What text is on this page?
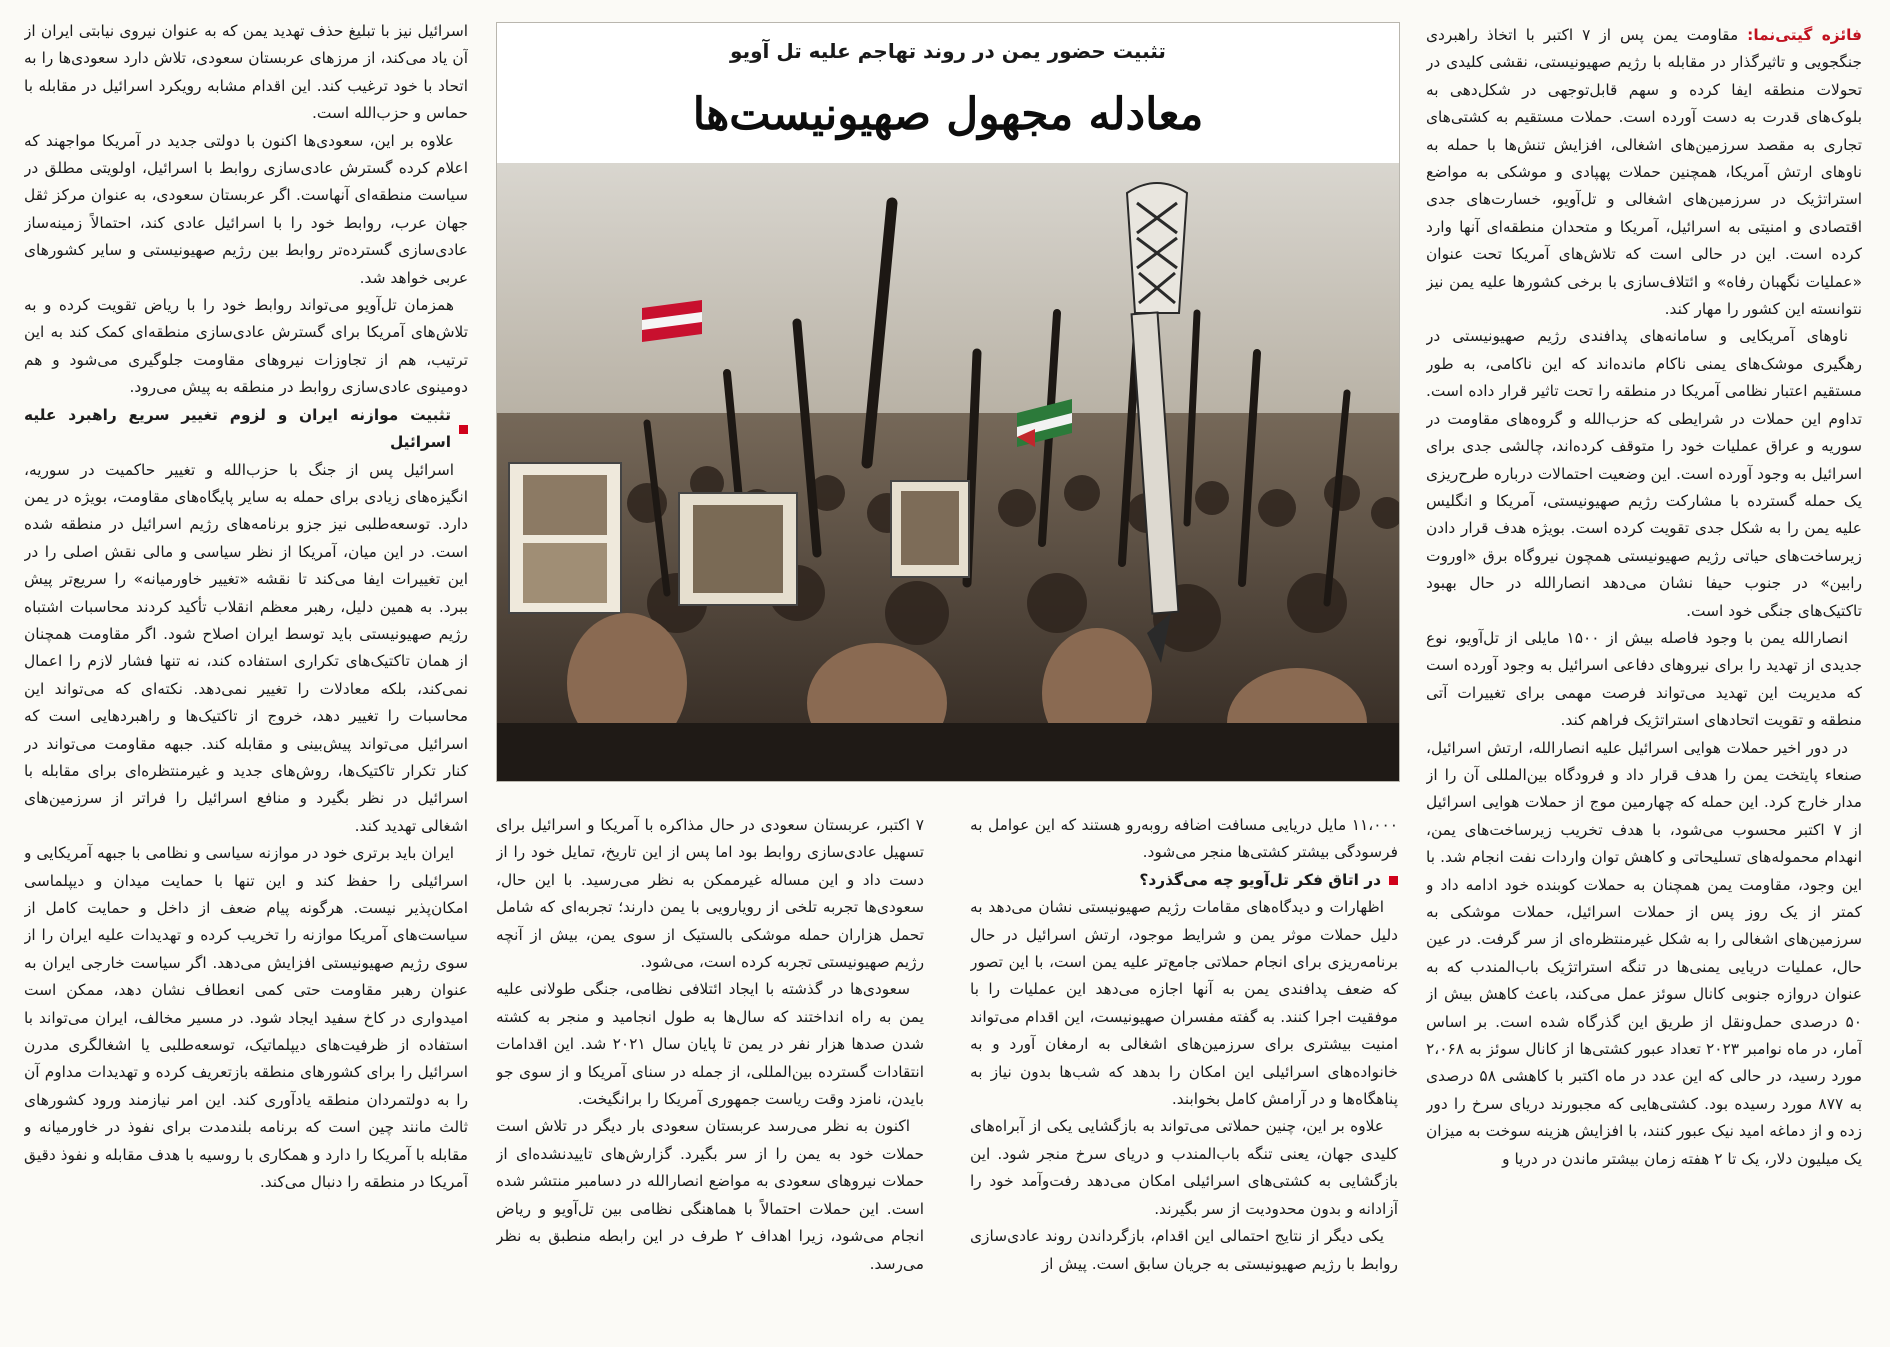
فائزه گیتی‌نما: مقاومت یمن پس از ۷ اکتبر با اتخاذ راهبردی جنگجویی و تاثیرگذار در مقابله با رژیم صهیونیستی، نقشی کلیدی در تحولات منطقه ایفا کرده و سهم قابل‌توجهی در شکل‌دهی به بلوک‌های قدرت به دست آورده است. حملات مستقیم به کشتی‌های تجاری به مقصد سرزمین‌های اشغالی، افزایش تنش‌ها با حمله به ناوهای ارتش آمریکا، همچنین حملات پهپادی و موشکی به مواضع استراتژیک در سرزمین‌های اشغالی و تل‌آویو، خسارت‌های جدی اقتصادی و امنیتی به اسرائیل، آمریکا و متحدان منطقه‌ای آنها وارد کرده است. این در حالی است که تلاش‌های آمریکا تحت عنوان «عملیات نگهبان رفاه» و ائتلاف‌سازی با برخی کشورها علیه یمن نیز نتوانسته این کشور را مهار کند.

ناوهای آمریکایی و سامانه‌های پدافندی رژیم صهیونیستی در رهگیری موشک‌های یمنی ناکام مانده‌اند که این ناکامی، به طور مستقیم اعتبار نظامی آمریکا در منطقه را تحت تاثیر قرار داده است. تداوم این حملات در شرایطی که حزب‌الله و گروه‌های مقاومت در سوریه و عراق عملیات خود را متوقف کرده‌اند، چالشی جدی برای اسرائیل به وجود آورده است. این وضعیت احتمالات درباره طرح‌ریزی یک حمله گسترده با مشارکت رژیم صهیونیستی، آمریکا و انگلیس علیه یمن را به شکل جدی تقویت کرده است. بویژه هدف قرار دادن زیرساخت‌های حیاتی رژیم صهیونیستی همچون نیروگاه برق «اوروت رابین» در جنوب حیفا نشان می‌دهد انصارالله در حال بهبود تاکتیک‌های جنگی خود است.

انصارالله یمن با وجود فاصله بیش از ۱۵۰۰ مایلی از تل‌آویو، نوع جدیدی از تهدید را برای نیروهای دفاعی اسرائیل به وجود آورده است که مدیریت این تهدید می‌تواند فرصت مهمی برای تغییرات آتی منطقه و تقویت اتحادهای استراتژیک فراهم کند.

در دور اخیر حملات هوایی اسرائیل علیه انصارالله، ارتش اسرائیل، صنعاء پایتخت یمن را هدف قرار داد و فرودگاه بین‌المللی آن را از مدار خارج کرد. این حمله که چهارمین موج از حملات هوایی اسرائیل از ۷ اکتبر محسوب می‌شود، با هدف تخریب زیرساخت‌های یمن، انهدام محموله‌های تسلیحاتی و کاهش توان واردات نفت انجام شد. با این وجود، مقاومت یمن همچنان به حملات کوبنده خود ادامه داد و کمتر از یک روز پس از حملات اسرائیل، حملات موشکی به سرزمین‌های اشغالی را به شکل غیرمنتظره‌ای از سر گرفت. در عین حال، عملیات دریایی یمنی‌ها در تنگه استراتژیک باب‌المندب که به عنوان دروازه جنوبی کانال سوئز عمل می‌کند، باعث کاهش بیش از ۵۰ درصدی حمل‌ونقل از طریق این گذرگاه شده است. بر اساس آمار، در ماه نوامبر ۲۰۲۳ تعداد عبور کشتی‌ها از کانال سوئز به ۲،۰۶۸ مورد رسید، در حالی که این عدد در ماه اکتبر با کاهشی ۵۸ درصدی به ۸۷۷ مورد رسیده بود. کشتی‌هایی که مجبورند دریای سرخ را دور زده و از دماغه امید نیک عبور کنند، با افزایش هزینه سوخت به میزان یک میلیون دلار، یک تا ۲ هفته زمان بیشتر ماندن در دریا و

تثبیت حضور یمن در روند تهاجم علیه تل آویو
معادله مجهول صهیونیست‌ها

۱۱،۰۰۰ مایل دریایی مسافت اضافه روبه‌رو هستند که این عوامل به فرسودگی بیشتر کشتی‌ها منجر می‌شود.

در اتاق فکر تل‌آویو چه می‌گذرد؟

اظهارات و دیدگاه‌های مقامات رژیم صهیونیستی نشان می‌دهد به دلیل حملات موثر یمن و شرایط موجود، ارتش اسرائیل در حال برنامه‌ریزی برای انجام حملاتی جامع‌تر علیه یمن است، با این تصور که ضعف پدافندی یمن به آنها اجازه می‌دهد این عملیات را با موفقیت اجرا کنند. به گفته مفسران صهیونیست، این اقدام می‌تواند امنیت بیشتری برای سرزمین‌های اشغالی به ارمغان آورد و به خانواده‌های اسرائیلی این امکان را بدهد که شب‌ها بدون نیاز به پناهگاه‌ها و در آرامش کامل بخوابند.

علاوه بر این، چنین حملاتی می‌تواند به بازگشایی یکی از آبراه‌های کلیدی جهان، یعنی تنگه باب‌المندب و دریای سرخ منجر شود. این بازگشایی به کشتی‌های اسرائیلی امکان می‌دهد رفت‌وآمد خود را آزادانه و بدون محدودیت از سر بگیرند.

یکی دیگر از نتایج احتمالی این اقدام، بازگرداندن روند عادی‌سازی روابط با رژیم صهیونیستی به جریان سابق است. پیش از

۷ اکتبر، عربستان سعودی در حال مذاکره با آمریکا و اسرائیل برای تسهیل عادی‌سازی روابط بود اما پس از این تاریخ، تمایل خود را از دست داد و این مساله غیرممکن به نظر می‌رسید. با این حال، سعودی‌ها تجربه تلخی از رویارویی با یمن دارند؛ تجربه‌ای که شامل تحمل هزاران حمله موشکی بالستیک از سوی یمن، بیش از آنچه رژیم صهیونیستی تجربه کرده است، می‌شود.

سعودی‌ها در گذشته با ایجاد ائتلافی نظامی، جنگی طولانی علیه یمن به راه انداختند که سال‌ها به طول انجامید و منجر به کشته شدن صدها هزار نفر در یمن تا پایان سال ۲۰۲۱ شد. این اقدامات انتقادات گسترده بین‌المللی، از جمله در سنای آمریکا و از سوی جو بایدن، نامزد وقت ریاست جمهوری آمریکا را برانگیخت.

اکنون به نظر می‌رسد عربستان سعودی بار دیگر در تلاش است حملات خود به یمن را از سر بگیرد. گزارش‌های تاییدنشده‌ای از حملات نیروهای سعودی به مواضع انصارالله در دسامبر منتشر شده است. این حملات احتمالاً با هماهنگی نظامی بین تل‌آویو و ریاض انجام می‌شود، زیرا اهداف ۲ طرف در این رابطه منطبق به نظر می‌رسد.

اسرائیل نیز با تبلیغ حذف تهدید یمن که به عنوان نیروی نیابتی ایران از آن یاد می‌کند، از مرزهای عربستان سعودی، تلاش دارد سعودی‌ها را به اتحاد با خود ترغیب کند. این اقدام مشابه رویکرد اسرائیل در مقابله با حماس و حزب‌الله است.

علاوه بر این، سعودی‌ها اکنون با دولتی جدید در آمریکا مواجهند که اعلام کرده گسترش عادی‌سازی روابط با اسرائیل، اولویتی مطلق در سیاست منطقه‌ای آنهاست. اگر عربستان سعودی، به عنوان مرکز ثقل جهان عرب، روابط خود را با اسرائیل عادی کند، احتمالاً زمینه‌ساز عادی‌سازی گسترده‌تر روابط بین رژیم صهیونیستی و سایر کشورهای عربی خواهد شد.

همزمان تل‌آویو می‌تواند روابط خود را با ریاض تقویت کرده و به تلاش‌های آمریکا برای گسترش عادی‌سازی منطقه‌ای کمک کند به این ترتیب، هم از تجاوزات نیروهای مقاومت جلوگیری می‌شود و هم دومینوی عادی‌سازی روابط در منطقه به پیش می‌رود.

تثبیت موازنه ایران و لزوم تغییر سریع راهبرد علیه اسرائیل

اسرائیل پس از جنگ با حزب‌الله و تغییر حاکمیت در سوریه، انگیزه‌های زیادی برای حمله به سایر پایگاه‌های مقاومت، بویژه در یمن دارد. توسعه‌طلبی نیز جزو برنامه‌های رژیم اسرائیل در منطقه شده است. در این میان، آمریکا از نظر سیاسی و مالی نقش اصلی را در این تغییرات ایفا می‌کند تا نقشه «تغییر خاورمیانه» را سریع‌تر پیش ببرد. به همین دلیل، رهبر معظم انقلاب تأکید کردند محاسبات اشتباه رژیم صهیونیستی باید توسط ایران اصلاح شود. اگر مقاومت همچنان از همان تاکتیک‌های تکراری استفاده کند، نه تنها فشار لازم را اعمال نمی‌کند، بلکه معادلات را تغییر نمی‌دهد. نکته‌ای که می‌تواند این محاسبات را تغییر دهد، خروج از تاکتیک‌ها و راهبردهایی است که اسرائیل می‌تواند پیش‌بینی و مقابله کند. جبهه مقاومت می‌تواند در کنار تکرار تاکتیک‌ها، روش‌های جدید و غیرمنتظره‌ای برای مقابله با اسرائیل در نظر بگیرد و منافع اسرائیل را فراتر از سرزمین‌های اشغالی تهدید کند.

ایران باید برتری خود در موازنه سیاسی و نظامی با جبهه آمریکایی و اسرائیلی را حفظ کند و این تنها با حمایت میدان و دیپلماسی امکان‌پذیر نیست. هرگونه پیام ضعف از داخل و حمایت کامل از سیاست‌های آمریکا موازنه را تخریب کرده و تهدیدات علیه ایران را از سوی رژیم صهیونیستی افزایش می‌دهد. اگر سیاست خارجی ایران به عنوان رهبر مقاومت حتی کمی انعطاف نشان دهد، ممکن است امیدواری در کاخ سفید ایجاد شود. در مسیر مخالف، ایران می‌تواند با استفاده از ظرفیت‌های دیپلماتیک، توسعه‌طلبی یا اشغالگری مدرن اسرائیل را برای کشورهای منطقه بازتعریف کرده و تهدیدات مداوم آن را به دولتمردان منطقه یادآوری کند. این امر نیازمند ورود کشورهای ثالث مانند چین است که برنامه بلندمدت برای نفوذ در خاورمیانه و مقابله با آمریکا را دارد و همکاری با روسیه با هدف مقابله و نفوذ دقیق آمریکا در منطقه را دنبال می‌کند.
